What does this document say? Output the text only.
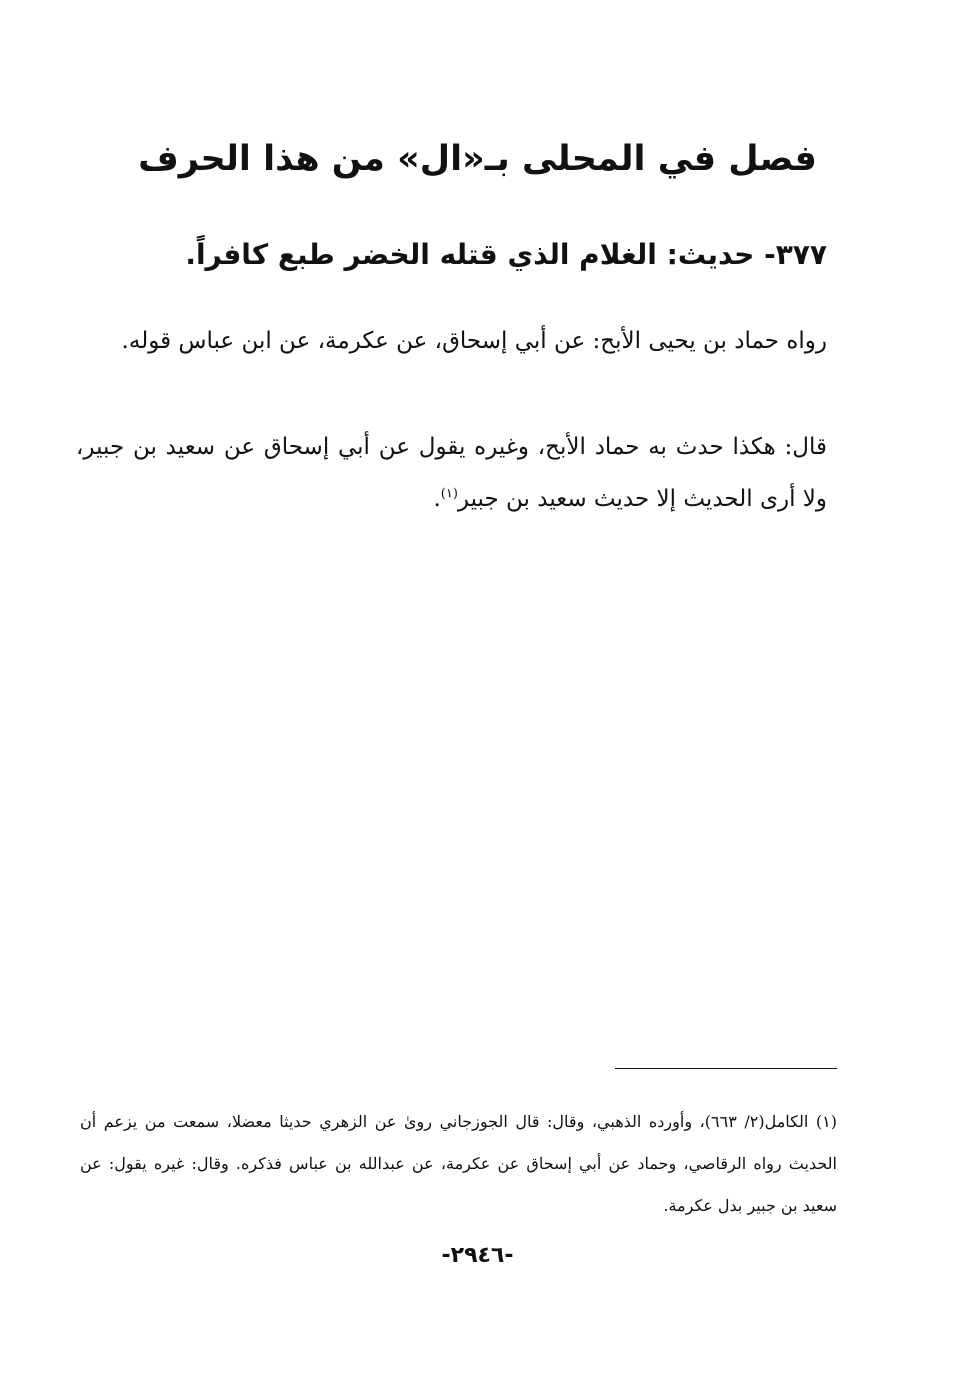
فصل في المحلى بـ«ال» من هذا الحرف
٣٧٧- حديث: الغلام الذي قتله الخضر طبع كافراً.

رواه حماد بن يحيى الأبح: عن أبي إسحاق، عن عكرمة، عن ابن عباس قوله.

قال: هكذا حدث به حماد الأبح، وغيره يقول عن أبي إسحاق عن سعيد بن جبير، ولا أرى الحديث إلا حديث سعيد بن جبير$^{(١)}$.

(١) الكامل(٢/ ٦٦٣)، وأورده الذهبي، وقال: قال الجوزجاني روىٰ عن الزهري حديثا معضلا، سمعت من يزعم أن الحديث رواه الرقاصي، وحماد عن أبي إسحاق عن عكرمة، عن عبدالله بن عباس فذكره. وقال: غيره يقول: عن سعيد بن جبير بدل عكرمة.

-٢٩٤٦-
